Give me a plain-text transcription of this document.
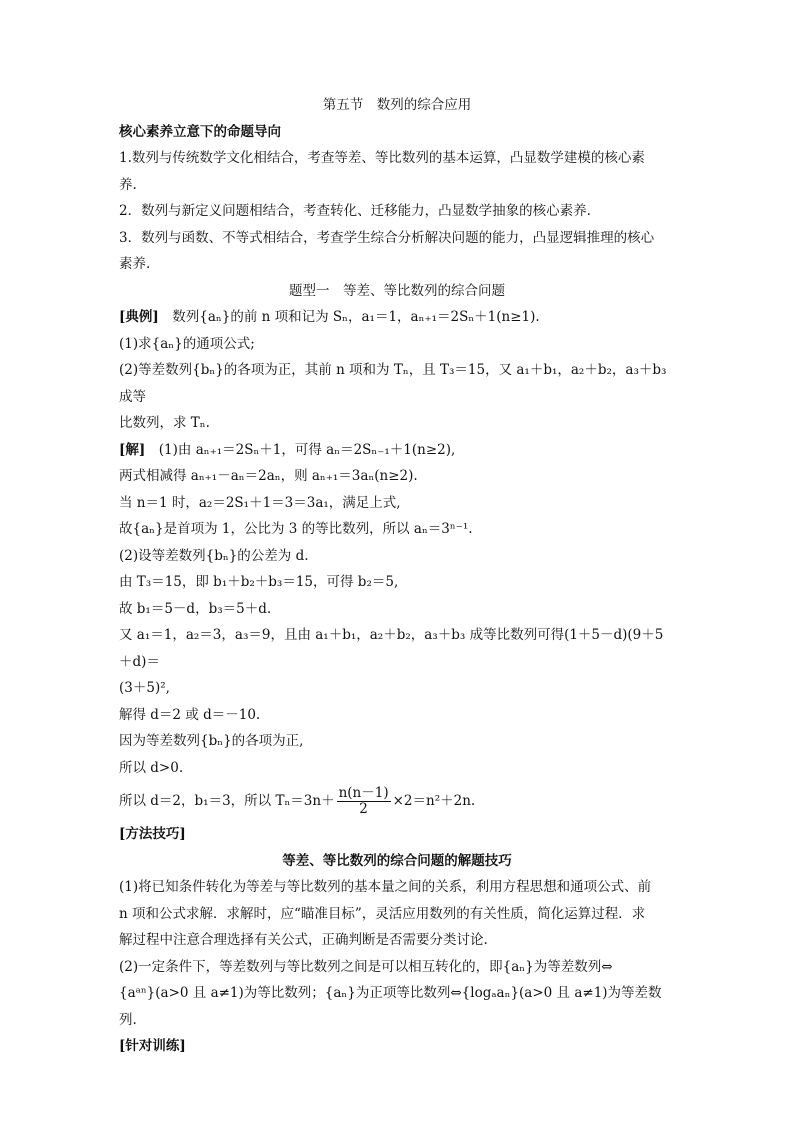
第五节　数列的综合应用

核心素养立意下的命题导向

1.数列与传统数学文化相结合，考查等差、等比数列的基本运算，凸显数学建模的核心素

养.

2．数列与新定义问题相结合，考查转化、迁移能力，凸显数学抽象的核心素养.

3．数列与函数、不等式相结合，考查学生综合分析解决问题的能力，凸显逻辑推理的核心

素养.

题型一　等差、等比数列的综合问题

[典例]　数列{aₙ}的前 n 项和记为 Sₙ，a₁＝1，aₙ₊₁＝2Sₙ＋1(n≥1).

(1)求{aₙ}的通项公式;

(2)等差数列{bₙ}的各项为正，其前 n 项和为 Tₙ，且 T₃＝15，又 a₁＋b₁，a₂＋b₂，a₃＋b₃ 成等

比数列，求 Tₙ.

[解]　(1)由 aₙ₊₁＝2Sₙ＋1，可得 aₙ＝2Sₙ₋₁＋1(n≥2),

两式相减得 aₙ₊₁－aₙ＝2aₙ，则 aₙ₊₁＝3aₙ(n≥2).

当 n＝1 时，a₂＝2S₁＋1＝3＝3a₁，满足上式,

故{aₙ}是首项为 1，公比为 3 的等比数列，所以 aₙ＝3ⁿ⁻¹.

(2)设等差数列{bₙ}的公差为 d.

由 T₃＝15，即 b₁＋b₂＋b₃＝15，可得 b₂＝5,

故 b₁＝5－d，b₃＝5＋d.

又 a₁＝1，a₂＝3，a₃＝9，且由 a₁＋b₁，a₂＋b₂，a₃＋b₃ 成等比数列可得(1＋5－d)(9＋5＋d)＝

(3＋5)²,

解得 d＝2 或 d＝－10.

因为等差数列{bₙ}的各项为正,

所以 d>0.

所以 d＝2，b₁＝3，所以 $T_n=3n+ \frac{n(n-1)}{2} \times 2=n^2+2n$.

[方法技巧]

等差、等比数列的综合问题的解题技巧

(1)将已知条件转化为等差与等比数列的基本量之间的关系，利用方程思想和通项公式、前

n 项和公式求解．求解时，应“瞄准目标”，灵活应用数列的有关性质，简化运算过程．求

解过程中注意合理选择有关公式，正确判断是否需要分类讨论.

(2)一定条件下，等差数列与等比数列之间是可以相互转化的，即{aₙ}为等差数列⇔

{aᵃⁿ}(a>0 且 a≠1)为等比数列；{aₙ}为正项等比数列⇔{logₐaₙ}(a>0 且 a≠1)为等差数列.

[针对训练]
